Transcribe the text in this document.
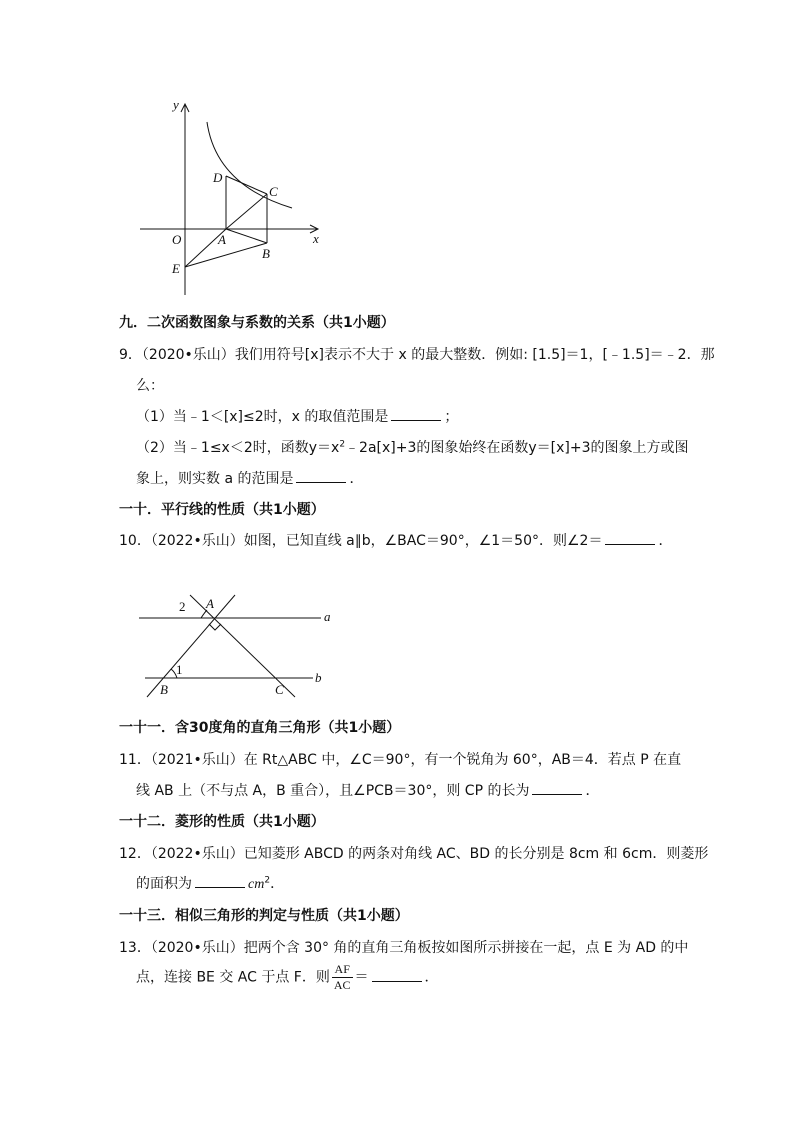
y
x
O
D
C
A
B
E

九．二次函数图象与系数的关系（共1小题）

9．（2020•乐山）我们用符号[x]表示不大于 x 的最大整数．例如: [1.5]＝1，[﹣1.5]＝﹣2．那

么：

（1）当﹣1＜[x]≤2时，x 的取值范围是	；

（2）当﹣1≤x＜2时，函数$y=x^2﹣2a[x]+3$的图象始终在函数y＝[x]+3的图象上方或图

象上，则实数 a 的范围是	．

一十．平行线的性质（共1小题）

10．（2022•乐山）如图，已知直线 a∥b，∠BAC＝90°，∠1＝50°．则∠2＝	．

A
2
a
1
B	C
b

一十一．含30度角的直角三角形（共1小题）

11．（2021•乐山）在 Rt△ABC 中，∠C＝90°，有一个锐角为 60°，AB＝4．若点 P 在直

线 AB 上（不与点 A，B 重合），且∠PCB＝30°，则 CP 的长为	．

一十二．菱形的性质（共1小题）

12．（2022•乐山）已知菱形 ABCD 的两条对角线 AC、BD 的长分别是 8cm 和 6cm．则菱形

的面积为	$cm^2$．

一十三．相似三角形的判定与性质（共1小题）

13．（2020•乐山）把两个含 30° 角的直角三角板按如图所示拼接在一起，点 E 为 AD 的中

点，连接 BE 交 AC 于点 F．则 $\frac{AF}{AC}$ ＝	．
